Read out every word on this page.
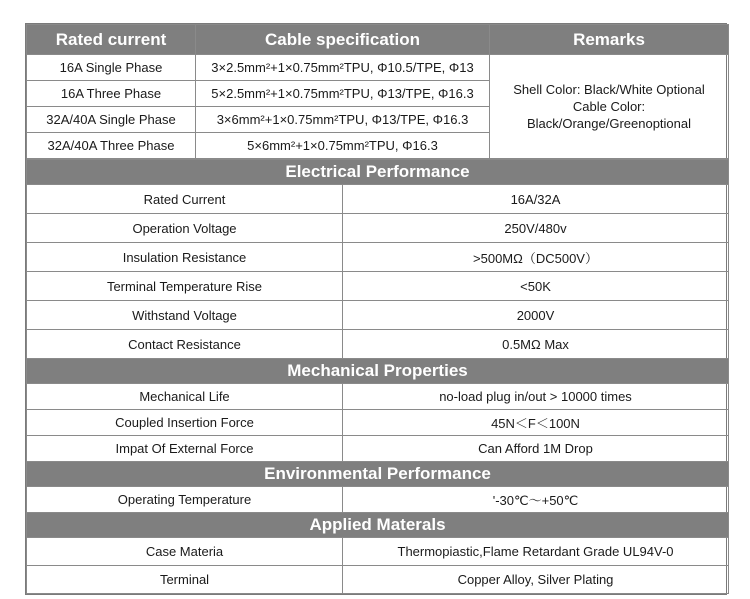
Rated current	Cable specification	Remarks
16A Single Phase	3×2.5mm²+1×0.75mm²TPU, Φ10.5/TPE, Φ13	Shell Color: Black/White Optional
Cable Color:
Black/Orange/Greenoptional

16A Three Phase	5×2.5mm²+1×0.75mm²TPU, Φ13/TPE, Φ16.3	
32A/40A Single Phase	3×6mm²+1×0.75mm²TPU, Φ13/TPE, Φ16.3	
32A/40A Three Phase	5×6mm²+1×0.75mm²TPU, Φ16.3	
Electrical Performance	
Rated Current	16A/32A
Operation Voltage	250V/480v
Insulation Resistance	>500MΩ（DC500V）
Terminal Temperature Rise	<50K
Withstand Voltage	2000V
Contact Resistance	0.5MΩ Max
Mechanical Properties	
Mechanical Life	no-load plug in/out > 10000 times
Coupled Insertion Force	45N＜F＜100N
Impat Of External Force	Can Afford 1M Drop
Environmental Performance	
Operating Temperature	'-30℃～+50℃
Applied Materals	
Case Materia	Thermopiastic,Flame Retardant Grade UL94V-0
Terminal	Copper Alloy, Silver Plating
